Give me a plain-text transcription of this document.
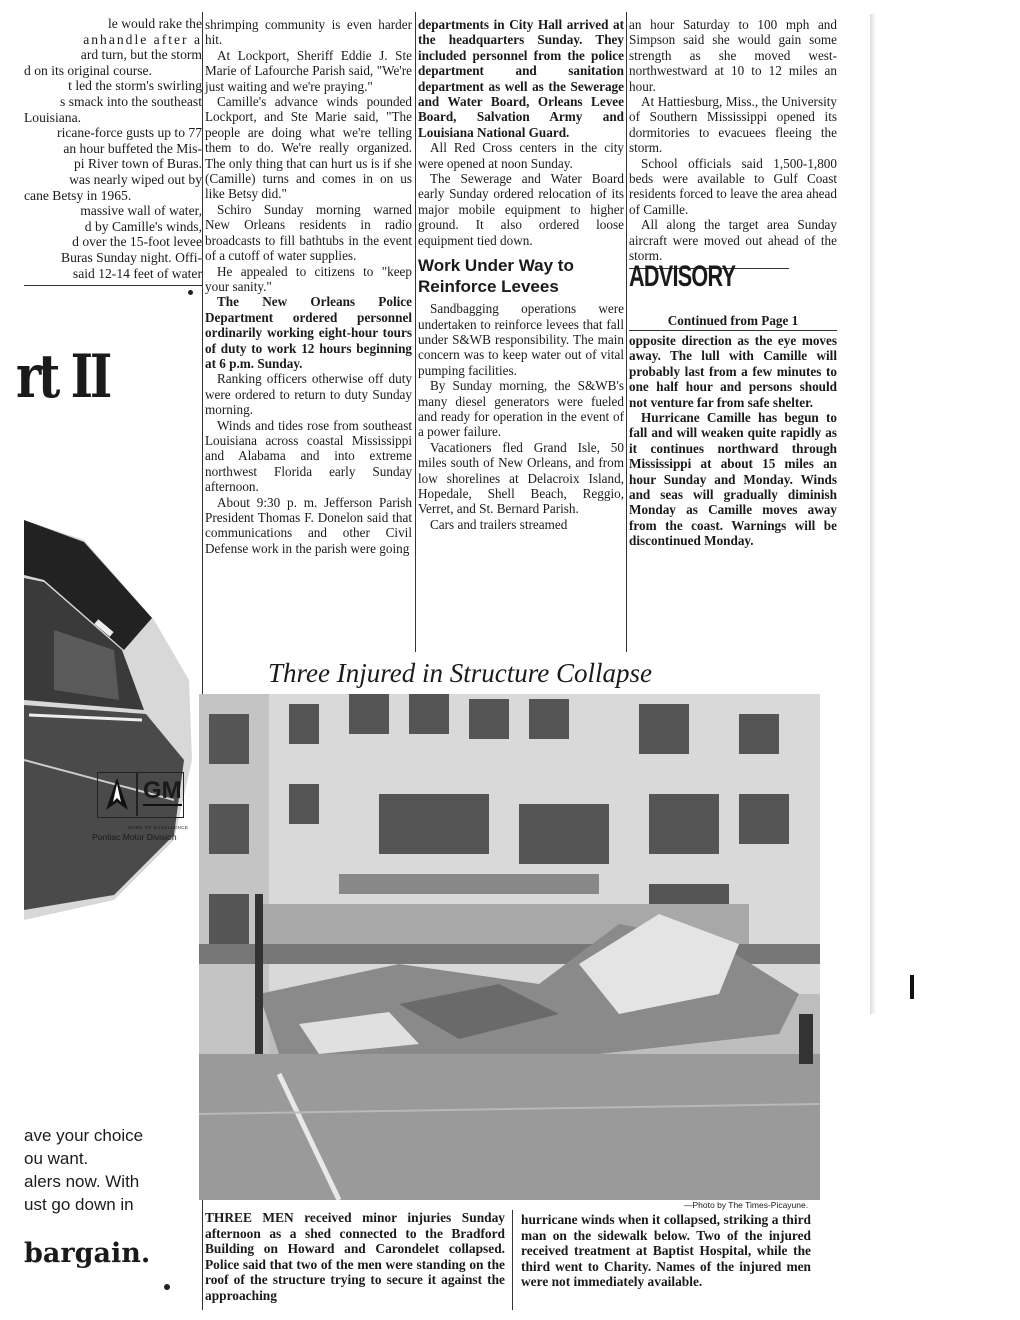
le would rake the
anhandle after a
ard turn, but the storm
d on its original course.
t led the storm's swirling
s smack into the southeast
Louisiana.
ricane-force gusts up to 77
an hour buffeted the Mis-
pi River town of Buras.
was nearly wiped out by
cane Betsy in 1965.
massive wall of water,
d by Camille's winds,
d over the 15-foot levee
Buras Sunday night. Offi-
said 12-14 feet of water
rt II
GM
MARK OF EXCELLENCE
Pontiac Motor Division
ave your choice
ou want.
alers now. With
ust go down in
bargain.

shrimping community is even harder hit.

At Lockport, Sheriff Eddie J. Ste Marie of Lafourche Parish said, "We're just waiting and we're praying."

Camille's advance winds pounded Lockport, and Ste Marie said, "The people are doing what we're telling them to do. We're really organized. The only thing that can hurt us is if she (Camille) turns and comes in on us like Betsy did."

Schiro Sunday morning warned New Orleans residents in radio broadcasts to fill bathtubs in the event of a cutoff of water supplies.

He appealed to citizens to "keep your sanity."

The New Orleans Police Department ordered personnel ordinarily working eight-hour tours of duty to work 12 hours beginning at 6 p.m. Sunday.

Ranking officers otherwise off duty were ordered to return to duty Sunday morning.

Winds and tides rose from southeast Louisiana across coastal Mississippi and Alabama and into extreme northwest Florida early Sunday afternoon.

About 9:30 p. m. Jefferson Parish President Thomas F. Donelon said that communications and other Civil Defense work in the parish were going

departments in City Hall arrived at the headquarters Sunday. They included personnel from the police department and sanitation department as well as the Sewerage and Water Board, Orleans Levee Board, Salvation Army and Louisiana National Guard.

All Red Cross centers in the city were opened at noon Sunday.

The Sewerage and Water Board early Sunday ordered relocation of its major mobile equipment to higher ground. It also ordered loose equipment tied down.

Work Under Way to Reinforce Levees

Sandbagging operations were undertaken to reinforce levees that fall under S&WB responsibility. The main concern was to keep water out of vital pumping facilities.

By Sunday morning, the S&WB's many diesel generators were fueled and ready for operation in the event of a power failure.

Vacationers fled Grand Isle, 50 miles south of New Orleans, and from low shorelines at Delacroix Island, Hopedale, Shell Beach, Reggio, Verret, and St. Bernard Parish.

Cars and trailers streamed

an hour Saturday to 100 mph and Simpson said she would gain some strength as she moved west-northwestward at 10 to 12 miles an hour.

At Hattiesburg, Miss., the University of Southern Mississippi opened its dormitories to evacuees fleeing the storm.

School officials said 1,500-1,800 beds were available to Gulf Coast residents forced to leave the area ahead of Camille.

All along the target area Sunday aircraft were moved out ahead of the storm.

ADVISORY
Continued from Page 1

opposite direction as the eye moves away. The lull with Camille will probably last from a few minutes to one half hour and persons should not venture far from safe shelter.

Hurricane Camille has begun to fall and will weaken quite rapidly as it continues northward through Mississippi at about 15 miles an hour Sunday and Monday. Winds and seas will gradually diminish Monday as Camille moves away from the coast. Warnings will be discontinued Monday.

Three Injured in Structure Collapse
—Photo by The Times-Picayune.
THREE MEN received minor injuries Sunday afternoon as a shed connected to the Bradford Building on Howard and Carondelet collapsed. Police said that two of the men were standing on the roof of the structure trying to secure it against the approaching
hurricane winds when it collapsed, striking a third man on the sidewalk below. Two of the injured received treatment at Baptist Hospital, while the third went to Charity. Names of the injured men were not immediately available.
